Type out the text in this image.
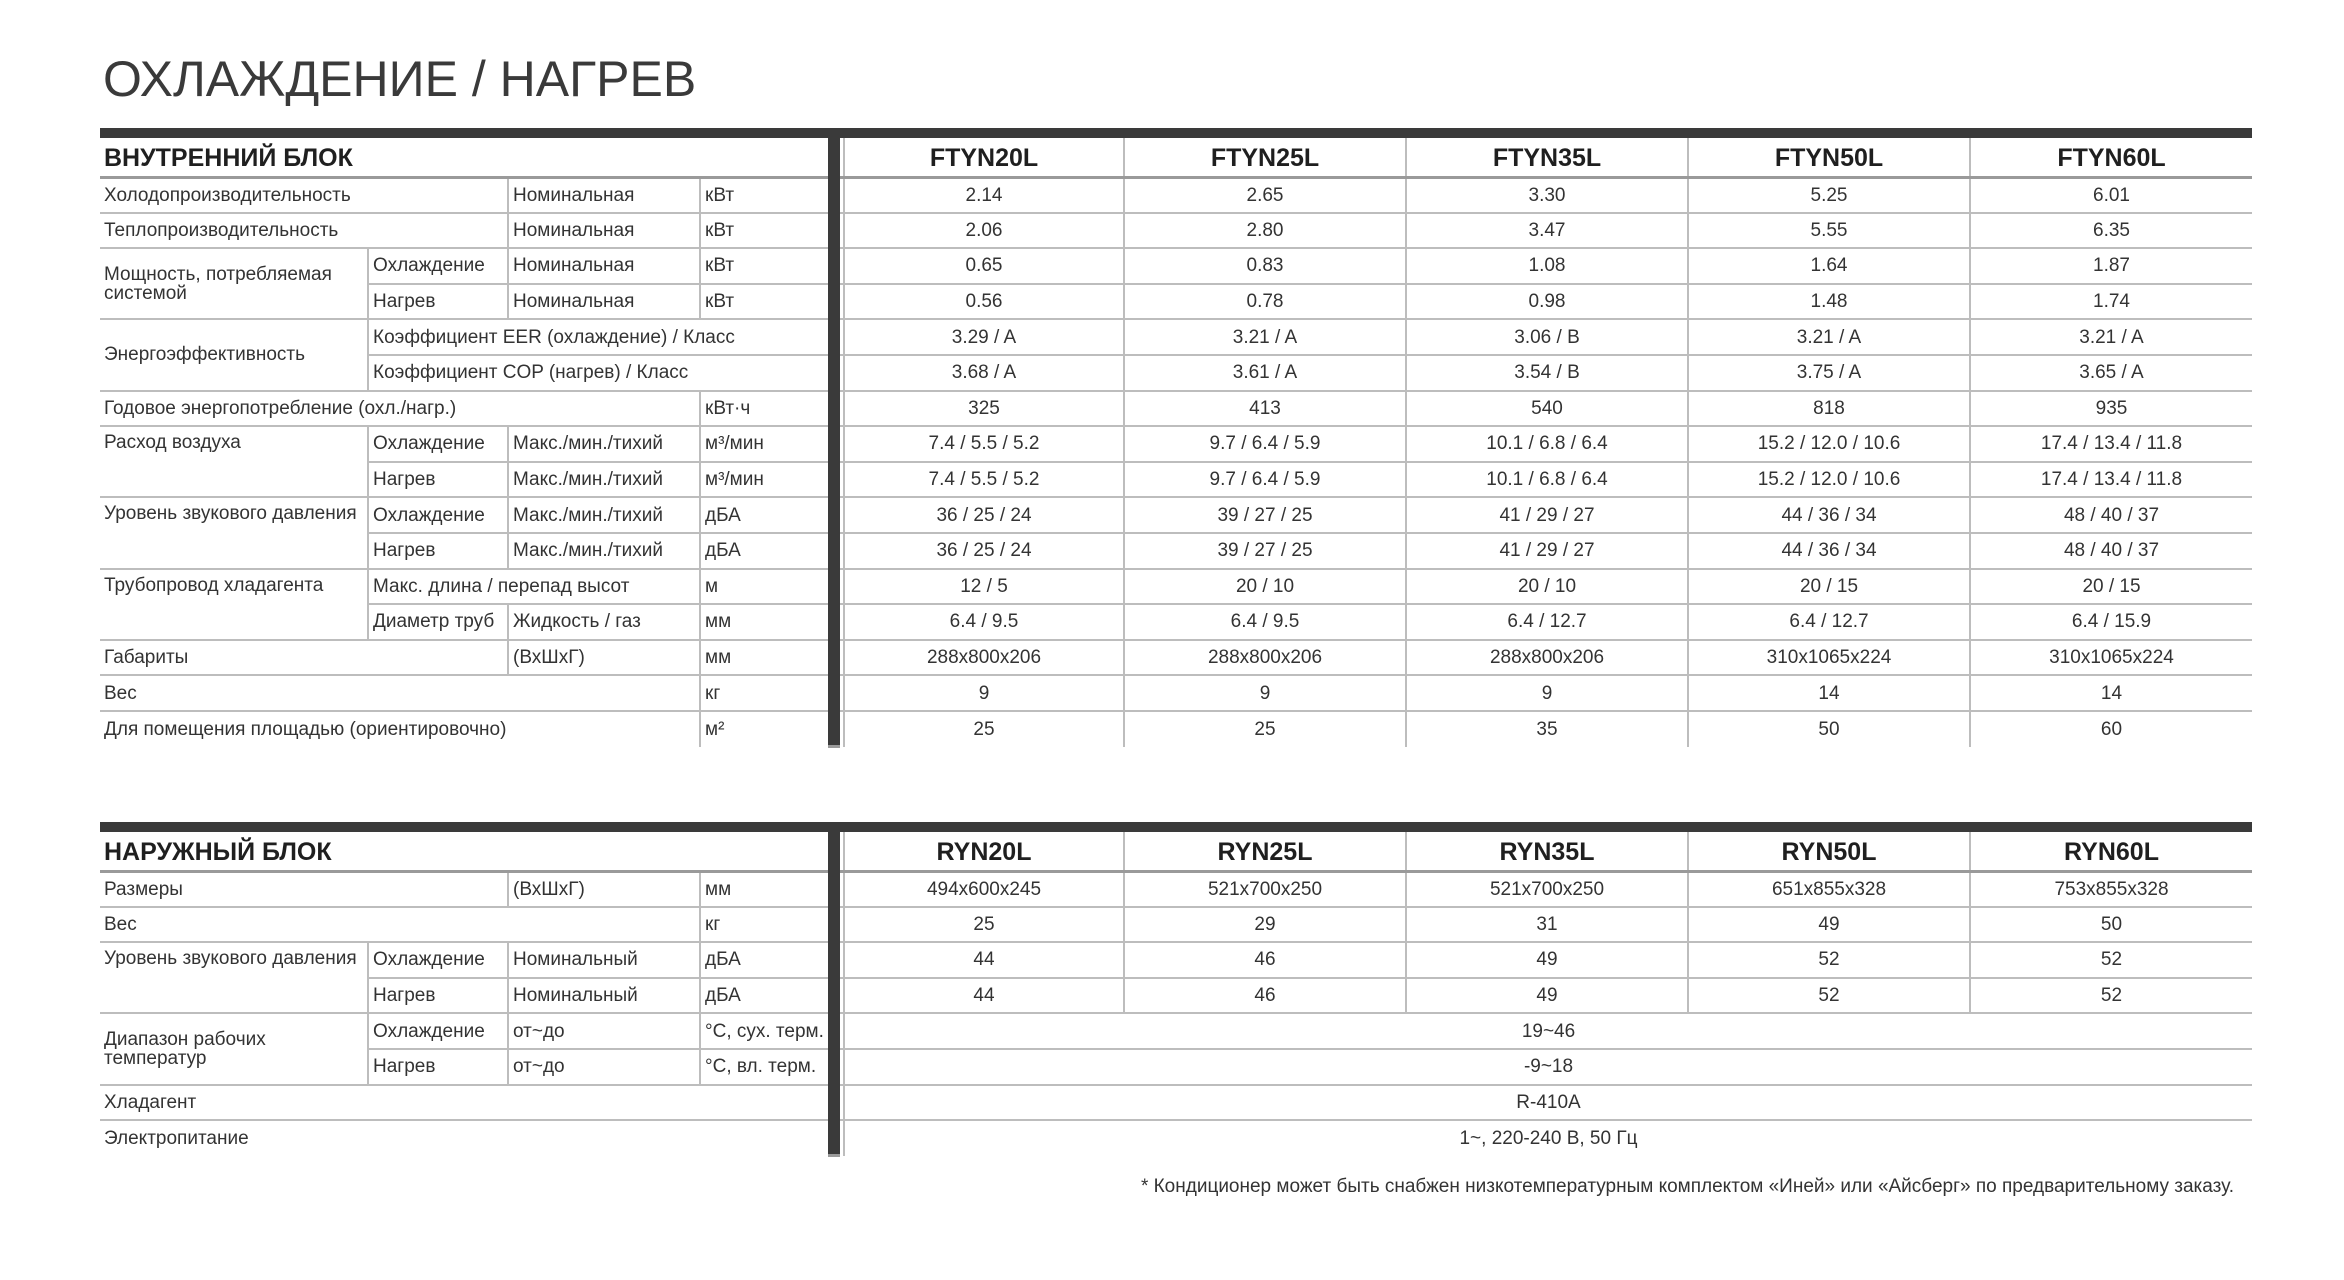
ОХЛАЖДЕНИЕ / НАГРЕВ
ВНУТРЕННИЙ БЛОК							FTYN20L	FTYN25L	FTYN35L	FTYN50L	FTYN60L
Холодопроизводительность		Номинальная	кВт				2.14	2.65	3.30	5.25	6.01
Теплопроизводительность		Номинальная	кВт				2.06	2.80	3.47	5.55	6.35
Мощность, потребляемая системой	Охлаждение	Номинальная	кВт				0.65	0.83	1.08	1.64	1.87
	Нагрев	Номинальная	кВт				0.56	0.78	0.98	1.48	1.74
Энергоэффективность	Коэффициент EER (охлаждение) / Класс						3.29 / A	3.21 / A	3.06 / B	3.21 / A	3.21 / A
	Коэффициент COP (нагрев) / Класс						3.68 / A	3.61 / A	3.54 / B	3.75 / A	3.65 / A
Годовое энергопотребление (охл./нагр.)			кВт·ч				325	413	540	818	935
Расход воздуха	Охлаждение	Макс./мин./тихий	м³/мин				7.4 / 5.5 / 5.2	9.7 / 6.4 / 5.9	10.1 / 6.8 / 6.4	15.2 / 12.0 / 10.6	17.4 / 13.4 / 11.8
	Нагрев	Макс./мин./тихий	м³/мин				7.4 / 5.5 / 5.2	9.7 / 6.4 / 5.9	10.1 / 6.8 / 6.4	15.2 / 12.0 / 10.6	17.4 / 13.4 / 11.8
Уровень звукового давления	Охлаждение	Макс./мин./тихий	дБА				36 / 25 / 24	39 / 27 / 25	41 / 29 / 27	44 / 36 / 34	48 / 40 / 37
	Нагрев	Макс./мин./тихий	дБА				36 / 25 / 24	39 / 27 / 25	41 / 29 / 27	44 / 36 / 34	48 / 40 / 37
Трубопровод хладагента	Макс. длина / перепад высот		м				12 / 5	20 / 10	20 / 10	20 / 15	20 / 15
	Диаметр труб	Жидкость / газ	мм				6.4 / 9.5	6.4 / 9.5	6.4 / 12.7	6.4 / 12.7	6.4 / 15.9
Габариты		(ВхШхГ)	мм				288x800x206	288x800x206	288x800x206	310x1065x224	310x1065x224
Вес			кг				9	9	9	14	14
Для помещения площадью (ориентировочно)			м²				25	25	35	50	60
НАРУЖНЫЙ БЛОК							RYN20L	RYN25L	RYN35L	RYN50L	RYN60L
Размеры		(ВхШхГ)	мм				494x600x245	521x700x250	521x700x250	651x855x328	753x855x328
Вес			кг				25	29	31	49	50
Уровень звукового давления	Охлаждение	Номинальный	дБА				44	46	49	52	52
	Нагрев	Номинальный	дБА				44	46	49	52	52
Диапазон рабочих температур	Охлаждение	от~до	°C, сух. терм.				19~46				
	Нагрев	от~до	°C, вл. терм.				-9~18				
Хладагент							R-410A				
Электропитание							1~, 220-240 В, 50 Гц				
* Кондиционер может быть снабжен низкотемпературным комплектом «Иней» или «Айсберг» по предварительному заказу.
